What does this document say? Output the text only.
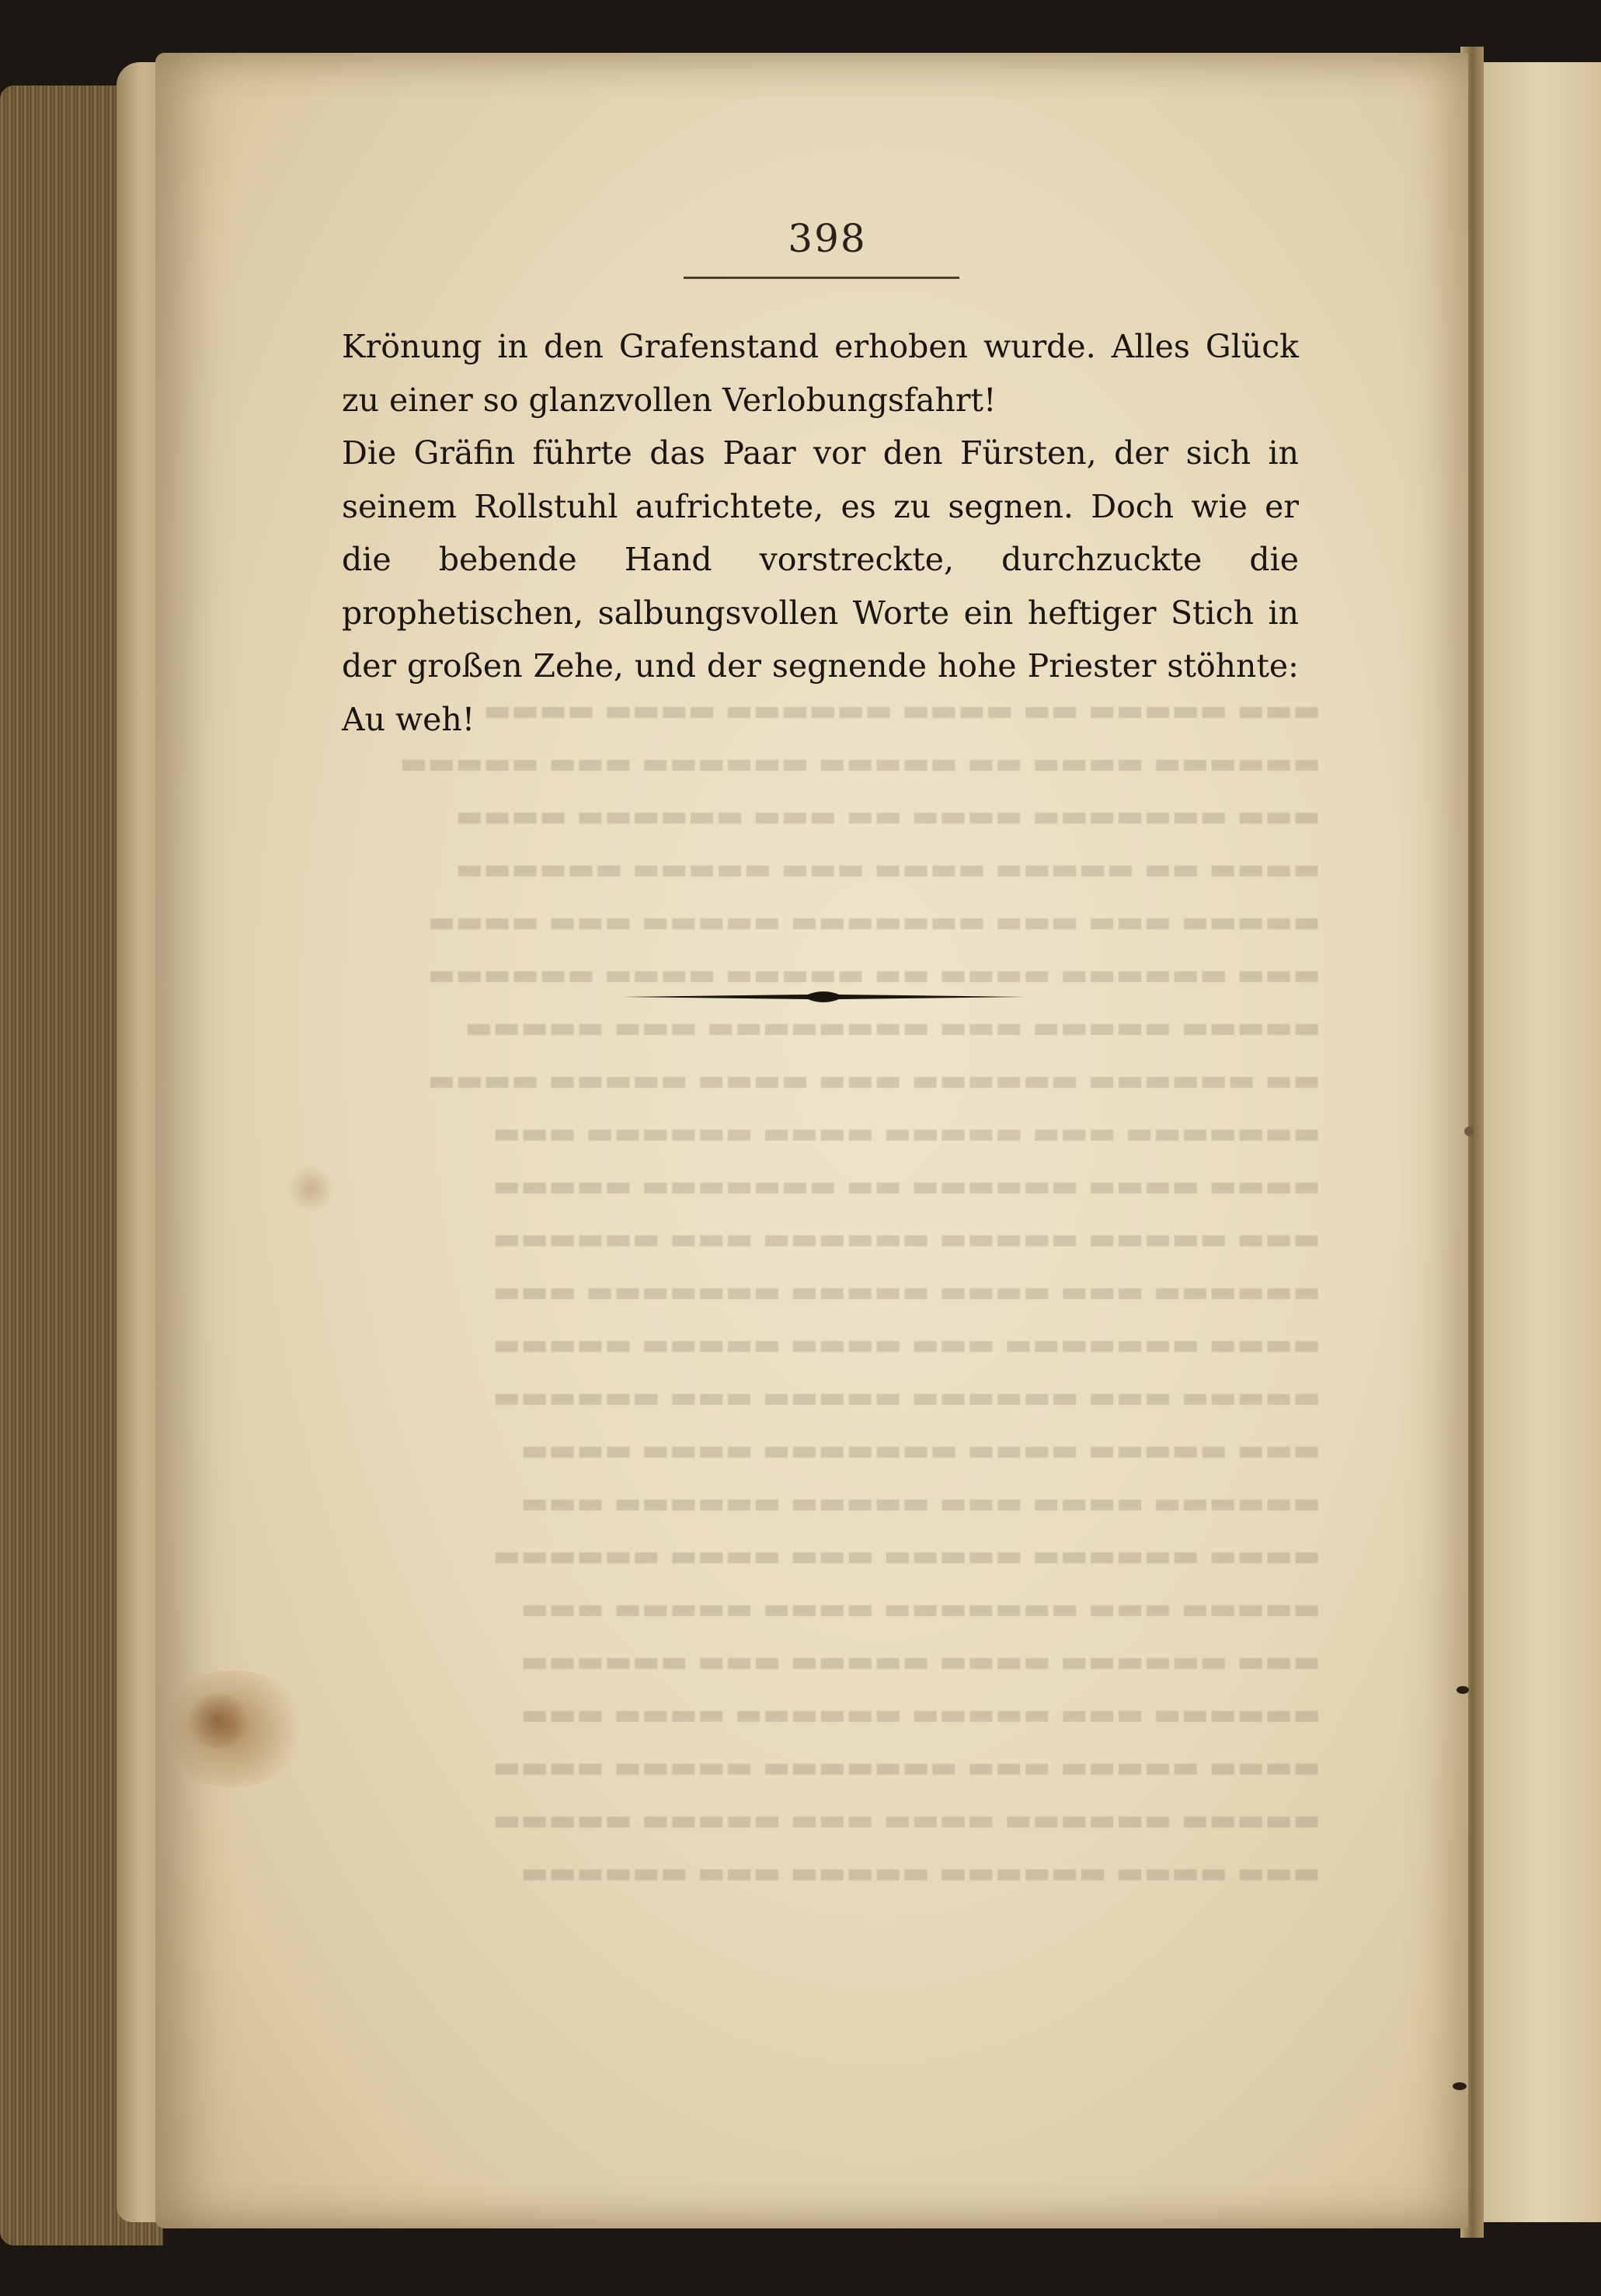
▬▬▬ ▬▬▬▬▬ ▬▬ ▬▬▬▬ ▬▬▬▬▬▬ ▬▬▬▬ ▬▬▬▬
▬▬▬▬▬▬ ▬▬▬▬ ▬▬ ▬▬▬▬▬ ▬▬▬▬▬▬ ▬▬▬ ▬▬▬▬▬
▬▬▬ ▬▬▬▬▬▬▬ ▬▬▬▬ ▬▬ ▬▬▬ ▬▬▬▬▬▬ ▬▬▬▬
▬▬▬▬ ▬▬ ▬▬▬▬▬ ▬▬▬▬ ▬▬▬ ▬▬▬▬▬ ▬▬▬▬▬▬
▬▬▬▬▬ ▬▬▬ ▬▬▬ ▬▬▬▬▬▬▬ ▬▬▬▬▬ ▬▬▬ ▬▬▬▬
▬▬▬ ▬▬▬▬▬▬ ▬▬▬▬ ▬▬ ▬▬▬▬▬ ▬▬▬▬ ▬▬▬▬▬▬
▬▬▬▬▬ ▬▬▬▬▬ ▬▬▬ ▬▬▬▬▬▬▬▬ ▬▬▬ ▬▬▬▬▬
▬▬ ▬▬▬▬▬▬ ▬▬▬▬▬▬ ▬▬▬ ▬▬▬▬ ▬▬▬▬▬ ▬▬▬▬
▬▬▬▬▬▬▬ ▬▬▬ ▬▬▬▬▬ ▬▬▬▬ ▬▬▬▬▬▬ ▬▬▬
▬▬▬▬ ▬▬▬▬ ▬▬▬▬▬▬ ▬▬ ▬▬▬▬▬▬▬ ▬▬▬▬▬
▬▬▬ ▬▬▬▬▬ ▬▬▬▬▬ ▬▬▬▬▬▬ ▬▬▬ ▬▬▬▬▬▬
▬▬▬▬▬▬ ▬▬▬ ▬▬▬▬ ▬▬▬▬▬ ▬▬▬▬▬▬▬ ▬▬▬
▬▬▬▬ ▬▬▬▬▬▬▬ ▬▬▬ ▬▬▬▬ ▬▬▬▬▬ ▬▬▬▬▬
▬▬▬▬▬ ▬▬▬ ▬▬▬▬▬▬ ▬▬▬▬▬ ▬▬▬ ▬▬▬▬▬▬
▬▬▬ ▬▬▬▬▬ ▬▬▬▬ ▬▬▬▬▬▬▬ ▬▬▬▬ ▬▬▬▬
▬▬▬▬▬▬ ▬▬▬▬ ▬▬▬ ▬▬▬▬▬ ▬▬▬▬▬▬ ▬▬▬
▬▬▬▬ ▬▬▬▬▬▬ ▬▬▬▬▬ ▬▬▬ ▬▬▬▬ ▬▬▬▬▬▬
▬▬▬▬▬ ▬▬▬ ▬▬▬▬▬▬▬ ▬▬▬▬ ▬▬▬▬▬ ▬▬▬
▬▬▬ ▬▬▬▬▬▬ ▬▬▬▬ ▬▬▬▬▬ ▬▬▬ ▬▬▬▬▬▬
▬▬▬▬▬▬ ▬▬▬ ▬▬▬▬▬ ▬▬▬▬▬▬ ▬▬▬▬ ▬▬▬
▬▬▬▬ ▬▬▬▬▬ ▬▬▬ ▬▬▬▬▬▬▬ ▬▬▬▬▬ ▬▬▬▬
▬▬▬▬▬ ▬▬▬▬▬▬ ▬▬▬▬ ▬▬▬ ▬▬▬▬▬ ▬▬▬▬▬
▬▬▬ ▬▬▬▬ ▬▬▬▬▬▬ ▬▬▬▬▬ ▬▬▬ ▬▬▬▬▬▬
398

Krönung in den Grafenstand erhoben wurde. Alles Glück zu einer so glanzvollen Verlobungsfahrt!

Die Gräfin führte das Paar vor den Fürsten, der sich in seinem Rollstuhl aufrichtete, es zu segnen. Doch wie er die bebende Hand vorstreckte, durchzuckte die prophetischen, salbungsvollen Worte ein heftiger Stich in der großen Zehe, und der segnende hohe Priester stöhnte: Au weh!
